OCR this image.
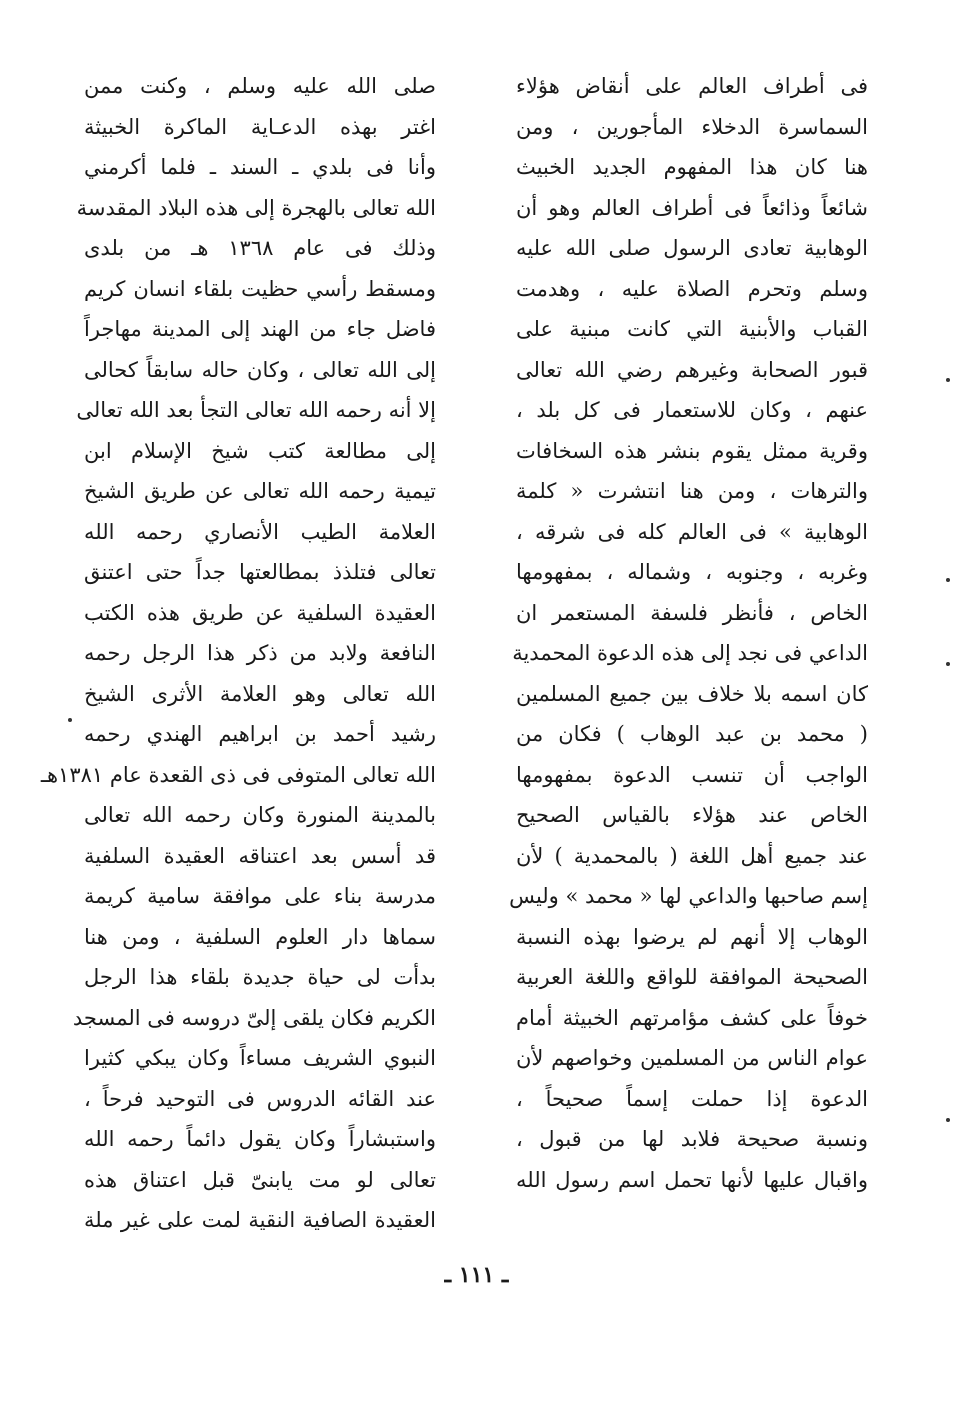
فى أطراف العالم على أنقاض هؤلاء
السماسرة الدخلاء المأجورين ، ومن
هنا كان هذا المفهوم الجديد الخبيث
شائعاً وذائعاً فى أطراف العالم وهو أن
الوهابية تعادى الرسول صلى الله عليه
وسلم وتحرم الصلاة عليه ، وهدمت
القباب والأبنية التي كانت مبنية على
قبور الصحابة وغيرهم رضي الله تعالى
عنهم ، وكان للاستعمار فى كل بلد ،
وقرية ممثل يقوم بنشر هذه السخافات
والترهات ، ومن هنا انتشرت « كلمة
الوهابية » فى العالم كله فى شرقه ،
وغربه ، وجنوبه ، وشماله ، بمفهومها
الخاص ، فأنظر فلسفة المستعمر ان
الداعي فى نجد إلى هذه الدعوة المحمدية
كان اسمه بلا خلاف بين جميع المسلمين
( محمد بن عبد الوهاب ) فكان من
الواجب أن تنسب الدعوة بمفهومها
الخاص عند هؤلاء بالقياس الصحيح
عند جميع أهل اللغة ( بالمحمدية ) لأن
إسم صاحبها والداعي لها « محمد » وليس
الوهاب إلا أنهم لم يرضوا بهذه النسبة
الصحيحة الموافقة للواقع واللغة العربية
خوفاً على كشف مؤامرتهم الخبيثة أمام
عوام الناس من المسلمين وخواصهم لأن
الدعوة إذا حملت إسماً صحيحاً ،
ونسبة صحيحة فلابد لها من قبول ،
واقبال عليها لأنها تحمل اسم رسول الله
صلى الله عليه وسلم ، وكنت ممن
اغتر بهذه الدعـاية الماكرة الخبيثة
وأنا فى بلدي ـ السند ـ فلما أكرمني
الله تعالى بالهجرة إلى هذه البلاد المقدسة
وذلك فى عام ١٣٦٨ هـ من بلدى
ومسقط رأسي حظيت بلقاء انسان كريم
فاضل جاء من الهند إلى المدينة مهاجراً
إلى الله تعالى ، وكان حاله سابقاً كحالى
إلا أنه رحمه الله تعالى التجأ بعد الله تعالى
إلى مطالعة كتب شيخ الإسلام ابن
تيمية رحمه الله تعالى عن طريق الشيخ
العلامة الطيب الأنصاري رحمه الله
تعالى فتلذذ بمطالعتها جداً حتى اعتنق
العقيدة السلفية عن طريق هذه الكتب
النافعة ولابد من ذكر هذا الرجل رحمه
الله تعالى وهو العلامة الأثرى الشيخ
رشيد أحمد بن ابراهيم الهندي رحمه
الله تعالى المتوفى فى ذى القعدة عام ١٣٨١هـ
بالمدينة المنورة وكان رحمه الله تعالى
قد أسس بعد اعتناقه العقيدة السلفية
مدرسة بناء على موافقة سامية كريمة
سماها دار العلوم السلفية ، ومن هنا
بدأت لى حياة جديدة بلقاء هذا الرجل
الكريم فكان يلقى إلىّ دروسه فى المسجد
النبوي الشريف مساءاً وكان يبكي كثيرا
عند القائه الدروس فى التوحيد فرحاً ،
واستبشاراً وكان يقول دائماً رحمه الله
تعالى لو مت يابنىّ قبل اعتناق هذه
العقيدة الصافية النقية لمت على غير ملة
ـ ١١١ ـ
